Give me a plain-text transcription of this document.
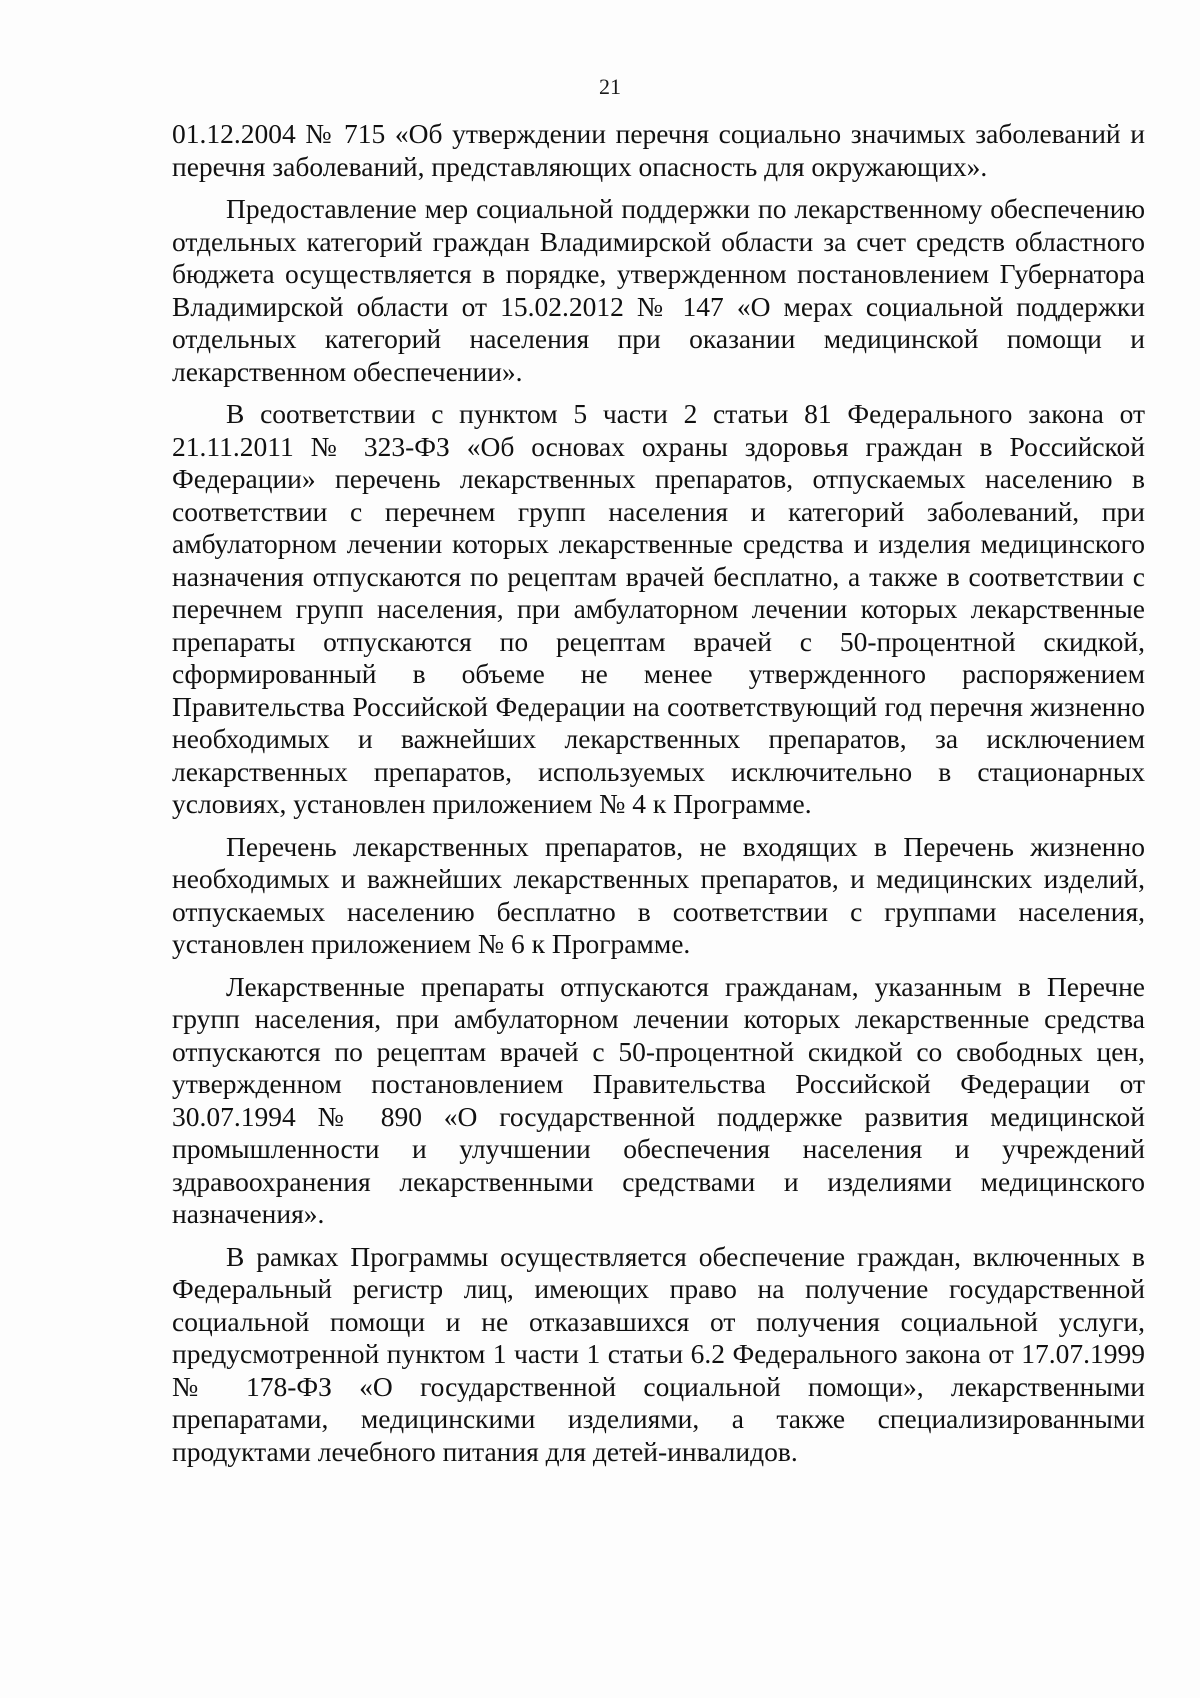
21

01.12.2004 № 715 «Об утверждении перечня социально значимых заболеваний и перечня заболеваний, представляющих опасность для окружающих».

Предоставление мер социальной поддержки по лекарственному обеспечению отдельных категорий граждан Владимирской области за счет средств областного бюджета осуществляется в порядке, утвержденном постановлением Губернатора Владимирской области от 15.02.2012 № 147 «О мерах социальной поддержки отдельных категорий населения при оказании медицинской помощи и лекарственном обеспечении».

В соответствии с пунктом 5 части 2 статьи 81 Федерального закона от 21.11.2011 № 323-ФЗ «Об основах охраны здоровья граждан в Российской Федерации» перечень лекарственных препаратов, отпускаемых населению в соответствии с перечнем групп населения и категорий заболеваний, при амбулаторном лечении которых лекарственные средства и изделия медицинского назначения отпускаются по рецептам врачей бесплатно, а также в соответствии с перечнем групп населения, при амбулаторном лечении которых лекарственные препараты отпускаются по рецептам врачей с 50-процентной скидкой, сформированный в объеме не менее утвержденного распоряжением Правительства Российской Федерации на соответствующий год перечня жизненно необходимых и важнейших лекарственных препаратов, за исключением лекарственных препаратов, используемых исключительно в стационарных условиях, установлен приложением № 4 к Программе.

Перечень лекарственных препаратов, не входящих в Перечень жизненно необходимых и важнейших лекарственных препаратов, и медицинских изделий, отпускаемых населению бесплатно в соответствии с группами населения, установлен приложением № 6 к Программе.

Лекарственные препараты отпускаются гражданам, указанным в Перечне групп населения, при амбулаторном лечении которых лекарственные средства отпускаются по рецептам врачей с 50-процентной скидкой со свободных цен, утвержденном постановлением Правительства Российской Федерации от 30.07.1994 № 890 «О государственной поддержке развития медицинской промышленности и улучшении обеспечения населения и учреждений здравоохранения лекарственными средствами и изделиями медицинского назначения».

В рамках Программы осуществляется обеспечение граждан, включенных в Федеральный регистр лиц, имеющих право на получение государственной социальной помощи и не отказавшихся от получения социальной услуги, предусмотренной пунктом 1 части 1 статьи 6.2 Федерального закона от 17.07.1999 № 178-ФЗ «О государственной социальной помощи», лекарственными препаратами, медицинскими изделиями, а также специализированными продуктами лечебного питания для детей-инвалидов.
